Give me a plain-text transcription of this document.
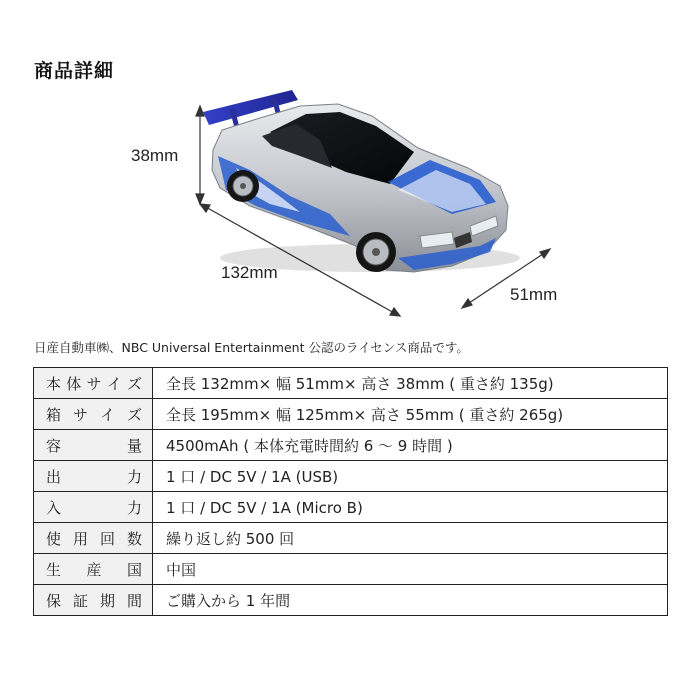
商品詳細
38mm
132mm
51mm
日産自動車㈱、NBC Universal Entertainment 公認のライセンス商品です。
本 体 サ イ ズ	全長 132mm× 幅 51mm× 高さ 38mm ( 重さ約 135g)

箱 サ イ ズ	全長 195mm× 幅 125mm× 高さ 55mm ( 重さ約 265g)

容 量	4500mAh ( 本体充電時間約 6 ～ 9 時間 )

出 力	1 口 / DC 5V / 1A (USB)

入 力	1 口 / DC 5V / 1A (Micro B)

使 用 回 数	繰り返し約 500 回

生 産 国	中国

保 証 期 間	ご購入から 1 年間
